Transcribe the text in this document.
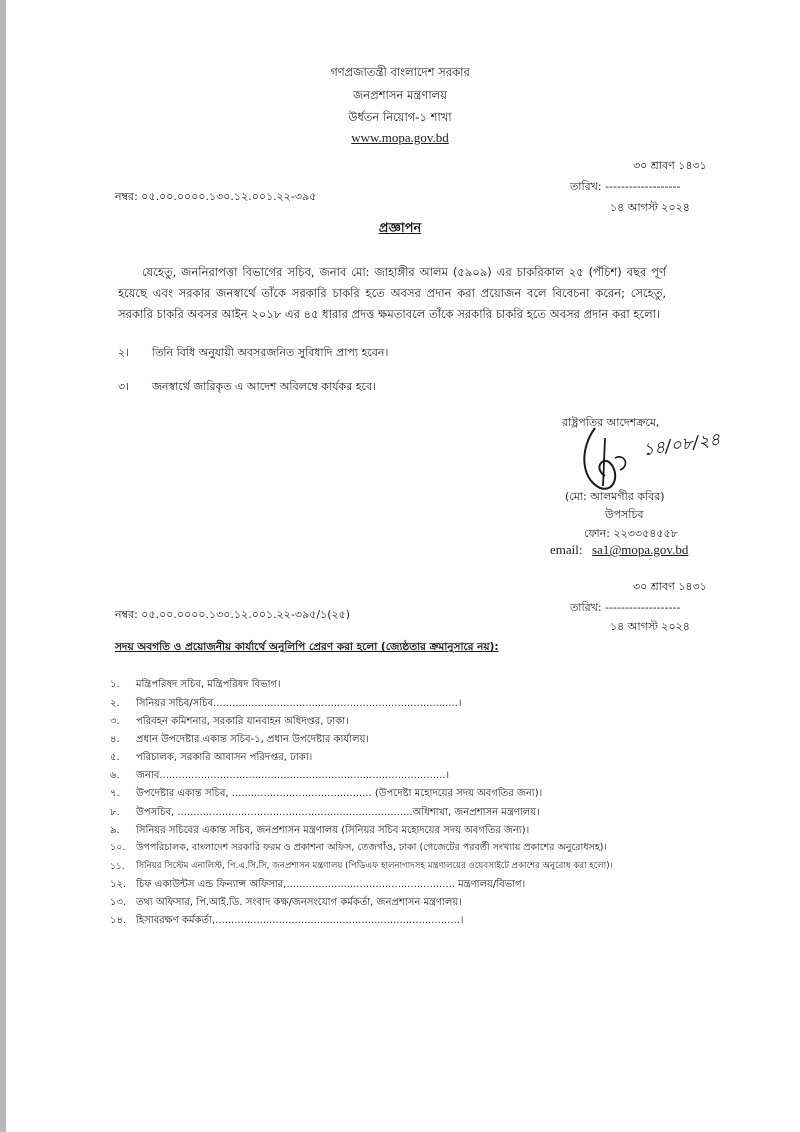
গণপ্রজাতন্ত্রী বাংলাদেশ সরকার
জনপ্রশাসন মন্ত্রণালয়
উর্ধতন নিয়োগ-১ শাখা
www.mopa.gov.bd
৩০ শ্রাবণ ১৪৩১
তারিখ: -------------------
নম্বর: ০৫.০০.০০০০.১৩০.১২.০০১.২২-৩৯৫
১৪ আগস্ট ২০২৪
প্রজ্ঞাপন
যেহেতু, জননিরাপত্তা বিভাগের সচিব, জনাব মো: জাহাঙ্গীর আলম (৫৯০৯) এর চাকরিকাল ২৫ (পঁচিশ) বছর পূর্ণ হয়েছে এবং সরকার জনস্বার্থে তাঁকে সরকারি চাকরি হতে অবসর প্রদান করা প্রয়োজন বলে বিবেচনা করেন; সেহেতু, সরকারি চাকরি অবসর আইন ২০১৮ এর ৪৫ ধারার প্রদত্ত ক্ষমতাবলে তাঁকে সরকারি চাকরি হতে অবসর প্রদান করা হলো।
২। তিনি বিধি অনুযায়ী অবসরজনিত সুবিধাদি প্রাপ্য হবেন।
৩। জনস্বার্থে জারিকৃত এ আদেশ অবিলম্বে কার্যকর হবে।
রাষ্ট্রপতির আদেশক্রমে,
১৪/০৮/২৪
(মো: আলমগীর কবির)
উপসচিব
ফোন: ২২৩৩৫৪৫৫৮
email: sa1@mopa.gov.bd
৩০ শ্রাবণ ১৪৩১
তারিখ: -------------------
নম্বর: ০৫.০০.০০০০.১৩০.১২.০০১.২২-৩৯৫/১(২৫)
১৪ আগস্ট ২০২৪
সদয় অবগতি ও প্রয়োজনীয় কার্যার্থে অনুলিপি প্রেরণ করা হলো (জ্যেষ্ঠতার ক্রমানুসারে নয়):
১. মন্ত্রিপরিষদ সচিব, মন্ত্রিপরিষদ বিভাগ।
২. সিনিয়র সচিব/সচিব.............................................................................।
৩. পরিবহন কমিশনার, সরকারি যানবাহন অধিদপ্তর, ঢাকা।
৪. প্রধান উপদেষ্টার একান্ত সচিব-১, প্রধান উপদেষ্টার কার্যালয়।
৫. পরিচালক, সরকারি আবাসন পরিদপ্তর, ঢাকা।
৬. জনাব..........................................................................................।
৭. উপদেষ্টার একান্ত সচিব, ............................................ (উপদেষ্টা মহোদয়ের সদয় অবগতির জন্য)।
৮. উপসচিব, ..........................................................................অধিশাখা, জনপ্রশাসন মন্ত্রণালয়।
৯. সিনিয়র সচিবের একান্ত সচিব, জনপ্রশাসন মন্ত্রণালয় (সিনিয়র সচিব মহোদয়ের সদয় অবগতির জন্য)।
১০. উপপরিচালক, বাংলাদেশ সরকারি ফরম ও প্রকাশনা অফিস, তেজগাঁও, ঢাকা (গেজেটের পরবর্তী সংখ্যায় প্রকাশের অনুরোধসহ)।
১১. সিনিয়র সিস্টেম এনালিস্ট, পি.এ.সি.সি, জনপ্রশাসন মন্ত্রণালয় (পিডিএফ হালনাগাদসহ মন্ত্রণালয়ের ওয়েবসাইটে প্রকাশের অনুরোধ করা হলো)।
১২. চিফ একাউন্টস এন্ড ফিন্যান্স অফিসার,..................................................... মন্ত্রণালয়/বিভাগ।
১৩. তথ্য অফিসার, পি.আই.ডি. সংবাদ কক্ষ/জনসংযোগ কর্মকর্তা, জনপ্রশাসন মন্ত্রণালয়।
১৪. হিসাবরক্ষণ কর্মকর্তা,.............................................................................।
